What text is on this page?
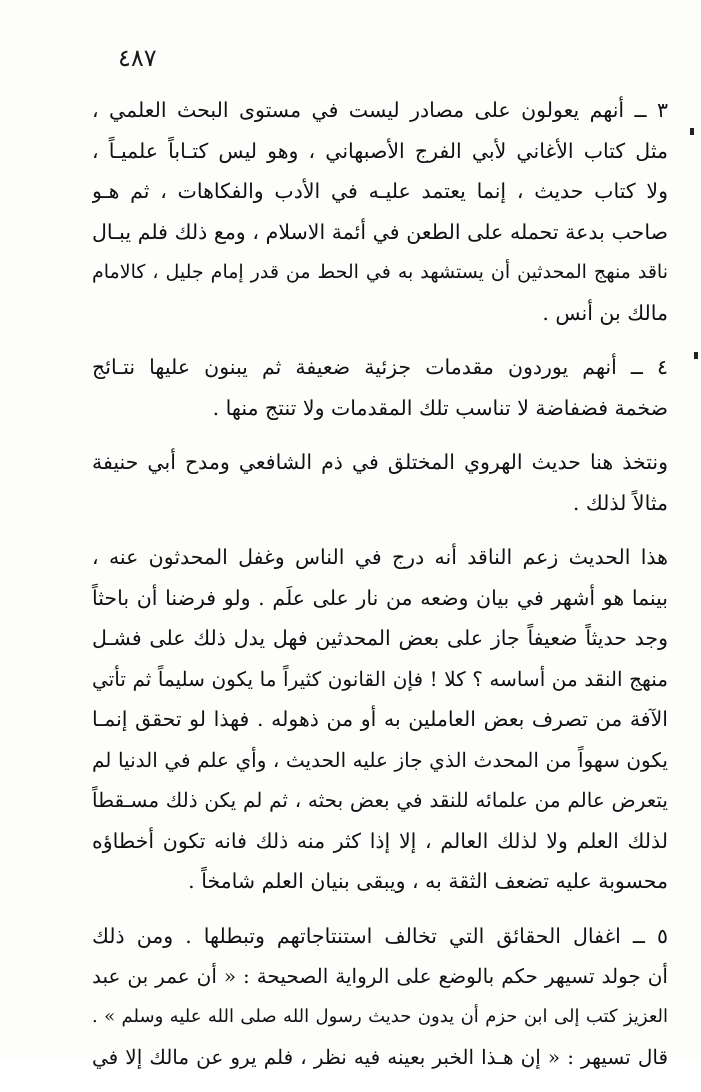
٤٨٧
٣ ــ أنهم يعولون على مصادر ليست في مستوى البحث العلمي ،
مثل كتاب الأغاني لأبي الفرج الأصبهاني ، وهو ليس كتـاباً علميـاً ،
ولا كتاب حديث ، إنما يعتمد عليـه في الأدب والفكاهات ، ثم هـو
صاحب بدعة تحمله على الطعن في أئمة الاسلام ، ومع ذلك فلم يبـال
ناقد منهج المحدثين أن يستشهد به في الحط من قدر إمام جليل ، كالامام
مالك بن أنس .
٤ ــ أنهم يوردون مقدمات جزئية ضعيفة ثم يبنون عليها نتـائج
ضخمة فضفاضة لا تناسب تلك المقدمات ولا تنتج منها .
ونتخذ هنا حديث الهروي المختلق في ذم الشافعي ومدح أبي حنيفة
مثالاً لذلك .
هذا الحديث زعم الناقد أنه درج في الناس وغفل المحدثون عنه ،
بينما هو أشهر في بيان وضعه من نار على علَم . ولو فرضنا أن باحثاً
وجد حديثاً ضعيفاً جاز على بعض المحدثين فهل يدل ذلك على فشـل
منهج النقد من أساسه ؟ كلا ! فإن القانون كثيراً ما يكون سليماً ثم تأتي
الآفة من تصرف بعض العاملين به أو من ذهوله . فهذا لو تحقق إنمـا
يكون سهواً من المحدث الذي جاز عليه الحديث ، وأي علم في الدنيا لم
يتعرض عالم من علمائه للنقد في بعض بحثه ، ثم لم يكن ذلك مسـقطاً
لذلك العلم ولا لذلك العالم ، إلا إذا كثر منه ذلك فانه تكون أخطاؤه
محسوبة عليه تضعف الثقة به ، ويبقى بنيان العلم شامخاً .
٥ ــ اغفال الحقائق التي تخالف استنتاجاتهم وتبطلها . ومن ذلك
أن جولد تسيهر حكم بالوضع على الرواية الصحيحة : « أن عمر بن عبد
العزيز كتب إلى ابن حزم أن يدون حديث رسول الله صلى الله عليه وسلم » .
قال تسيهر : « إن هـذا الخبر بعينه فيه نظر ، فلم يرو عن مالك إلا في
